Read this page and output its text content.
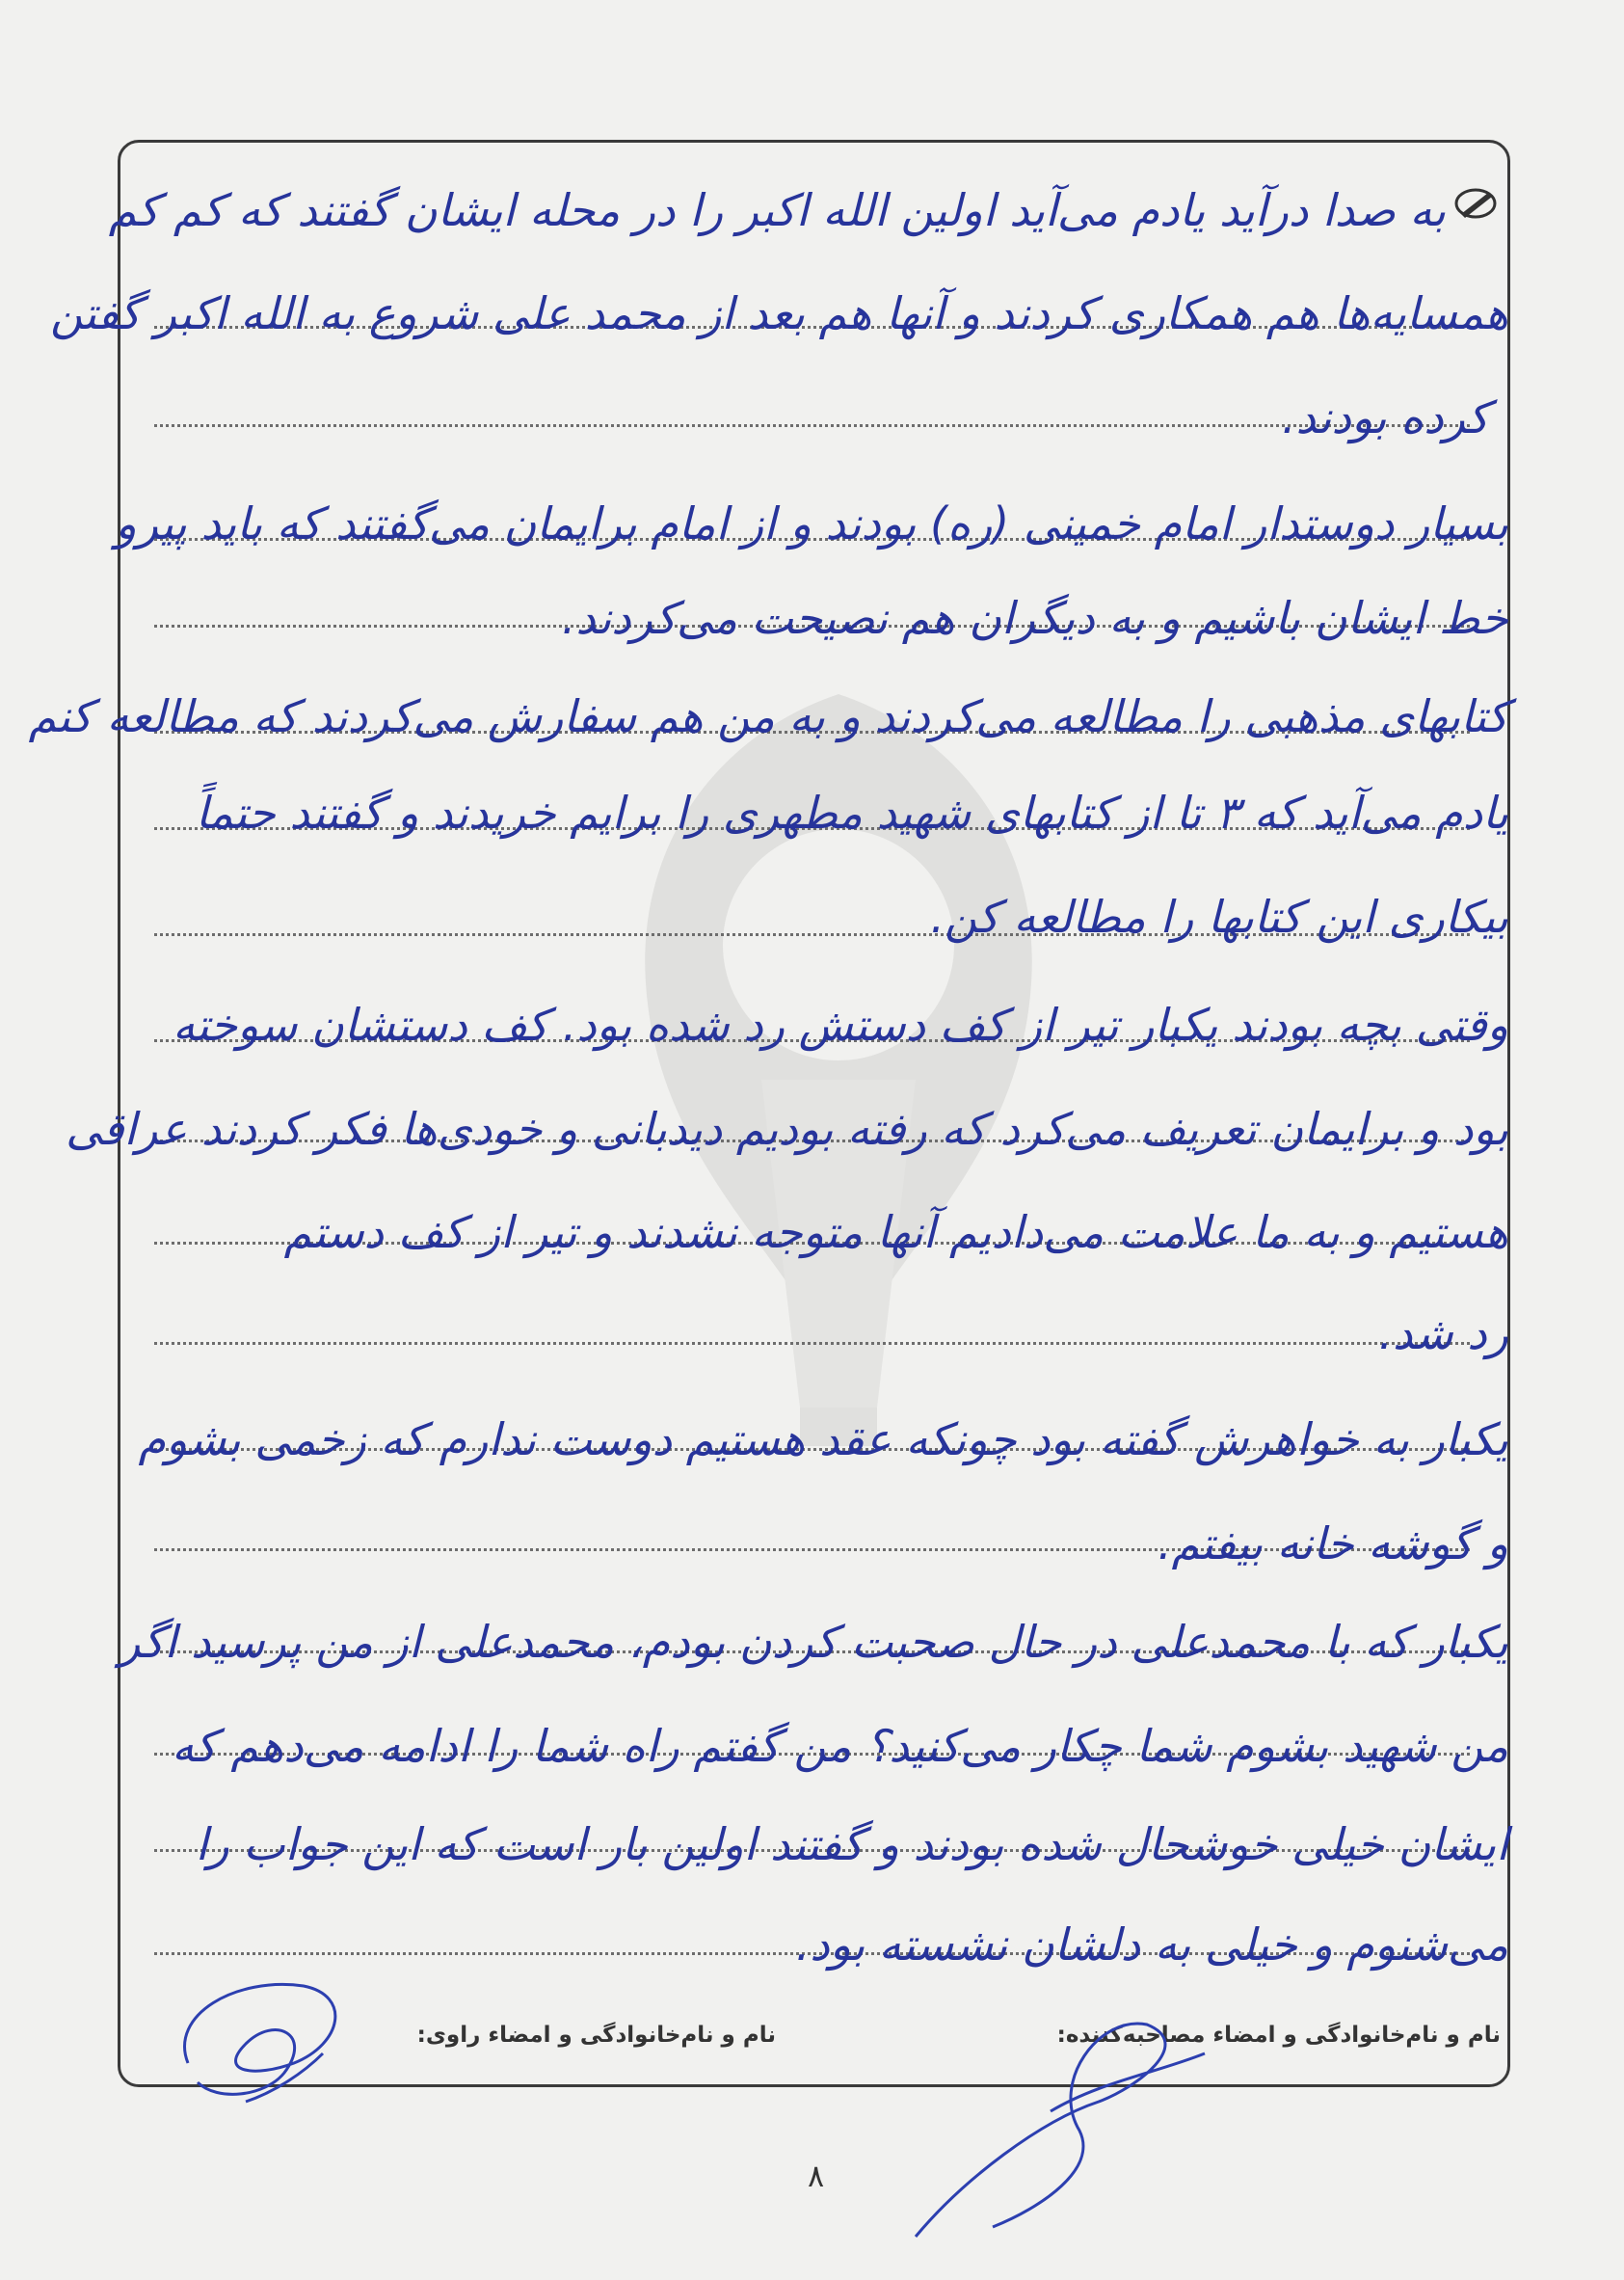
به صدا درآید یادم می‌آید اولین الله اکبر را در محله ایشان گفتند که کم کم
همسایه‌ها هم همکاری کردند و آنها هم بعد از محمد علی شروع به الله اکبر گفتن
کرده بودند.
بسیار دوستدار امام خمینی (ره) بودند و از امام برایمان می‌گفتند که باید پیرو
خط ایشان باشیم و به دیگران هم نصیحت می‌کردند.
کتابهای مذهبی را مطالعه می‌کردند و به من هم سفارش می‌کردند که مطالعه کنم
یادم می‌آید که ۳ تا از کتابهای شهید مطهری را برایم خریدند و گفتند حتماً
بیکاری این کتابها را مطالعه کن.
وقتی بچه بودند یکبار تیر از کف دستش رد شده بود. کف دستشان سوخته
بود و برایمان تعریف می‌کرد که رفته بودیم دیدبانی و خودی‌ها فکر کردند عراقی
هستیم و به ما علامت می‌دادیم آنها متوجه نشدند و تیر از کف دستم
رد شد.
یکبار به خواهرش گفته بود چونکه عقد هستیم دوست ندارم که زخمی بشوم
و گوشه خانه بیفتم.
یکبار که با محمدعلی در حال صحبت کردن بودم، محمدعلی از من پرسید اگر
من شهید بشوم شما چکار می‌کنید؟ من گفتم راه شما را ادامه می‌دهم که
ایشان خیلی خوشحال شده بودند و گفتند اولین بار است که این جواب را
می‌شنوم و خیلی به دلشان نشسته بود.
نام و نام‌خانوادگی و امضاء مصاحبه‌کننده:
نام و نام‌خانوادگی و امضاء راوی:
۸
